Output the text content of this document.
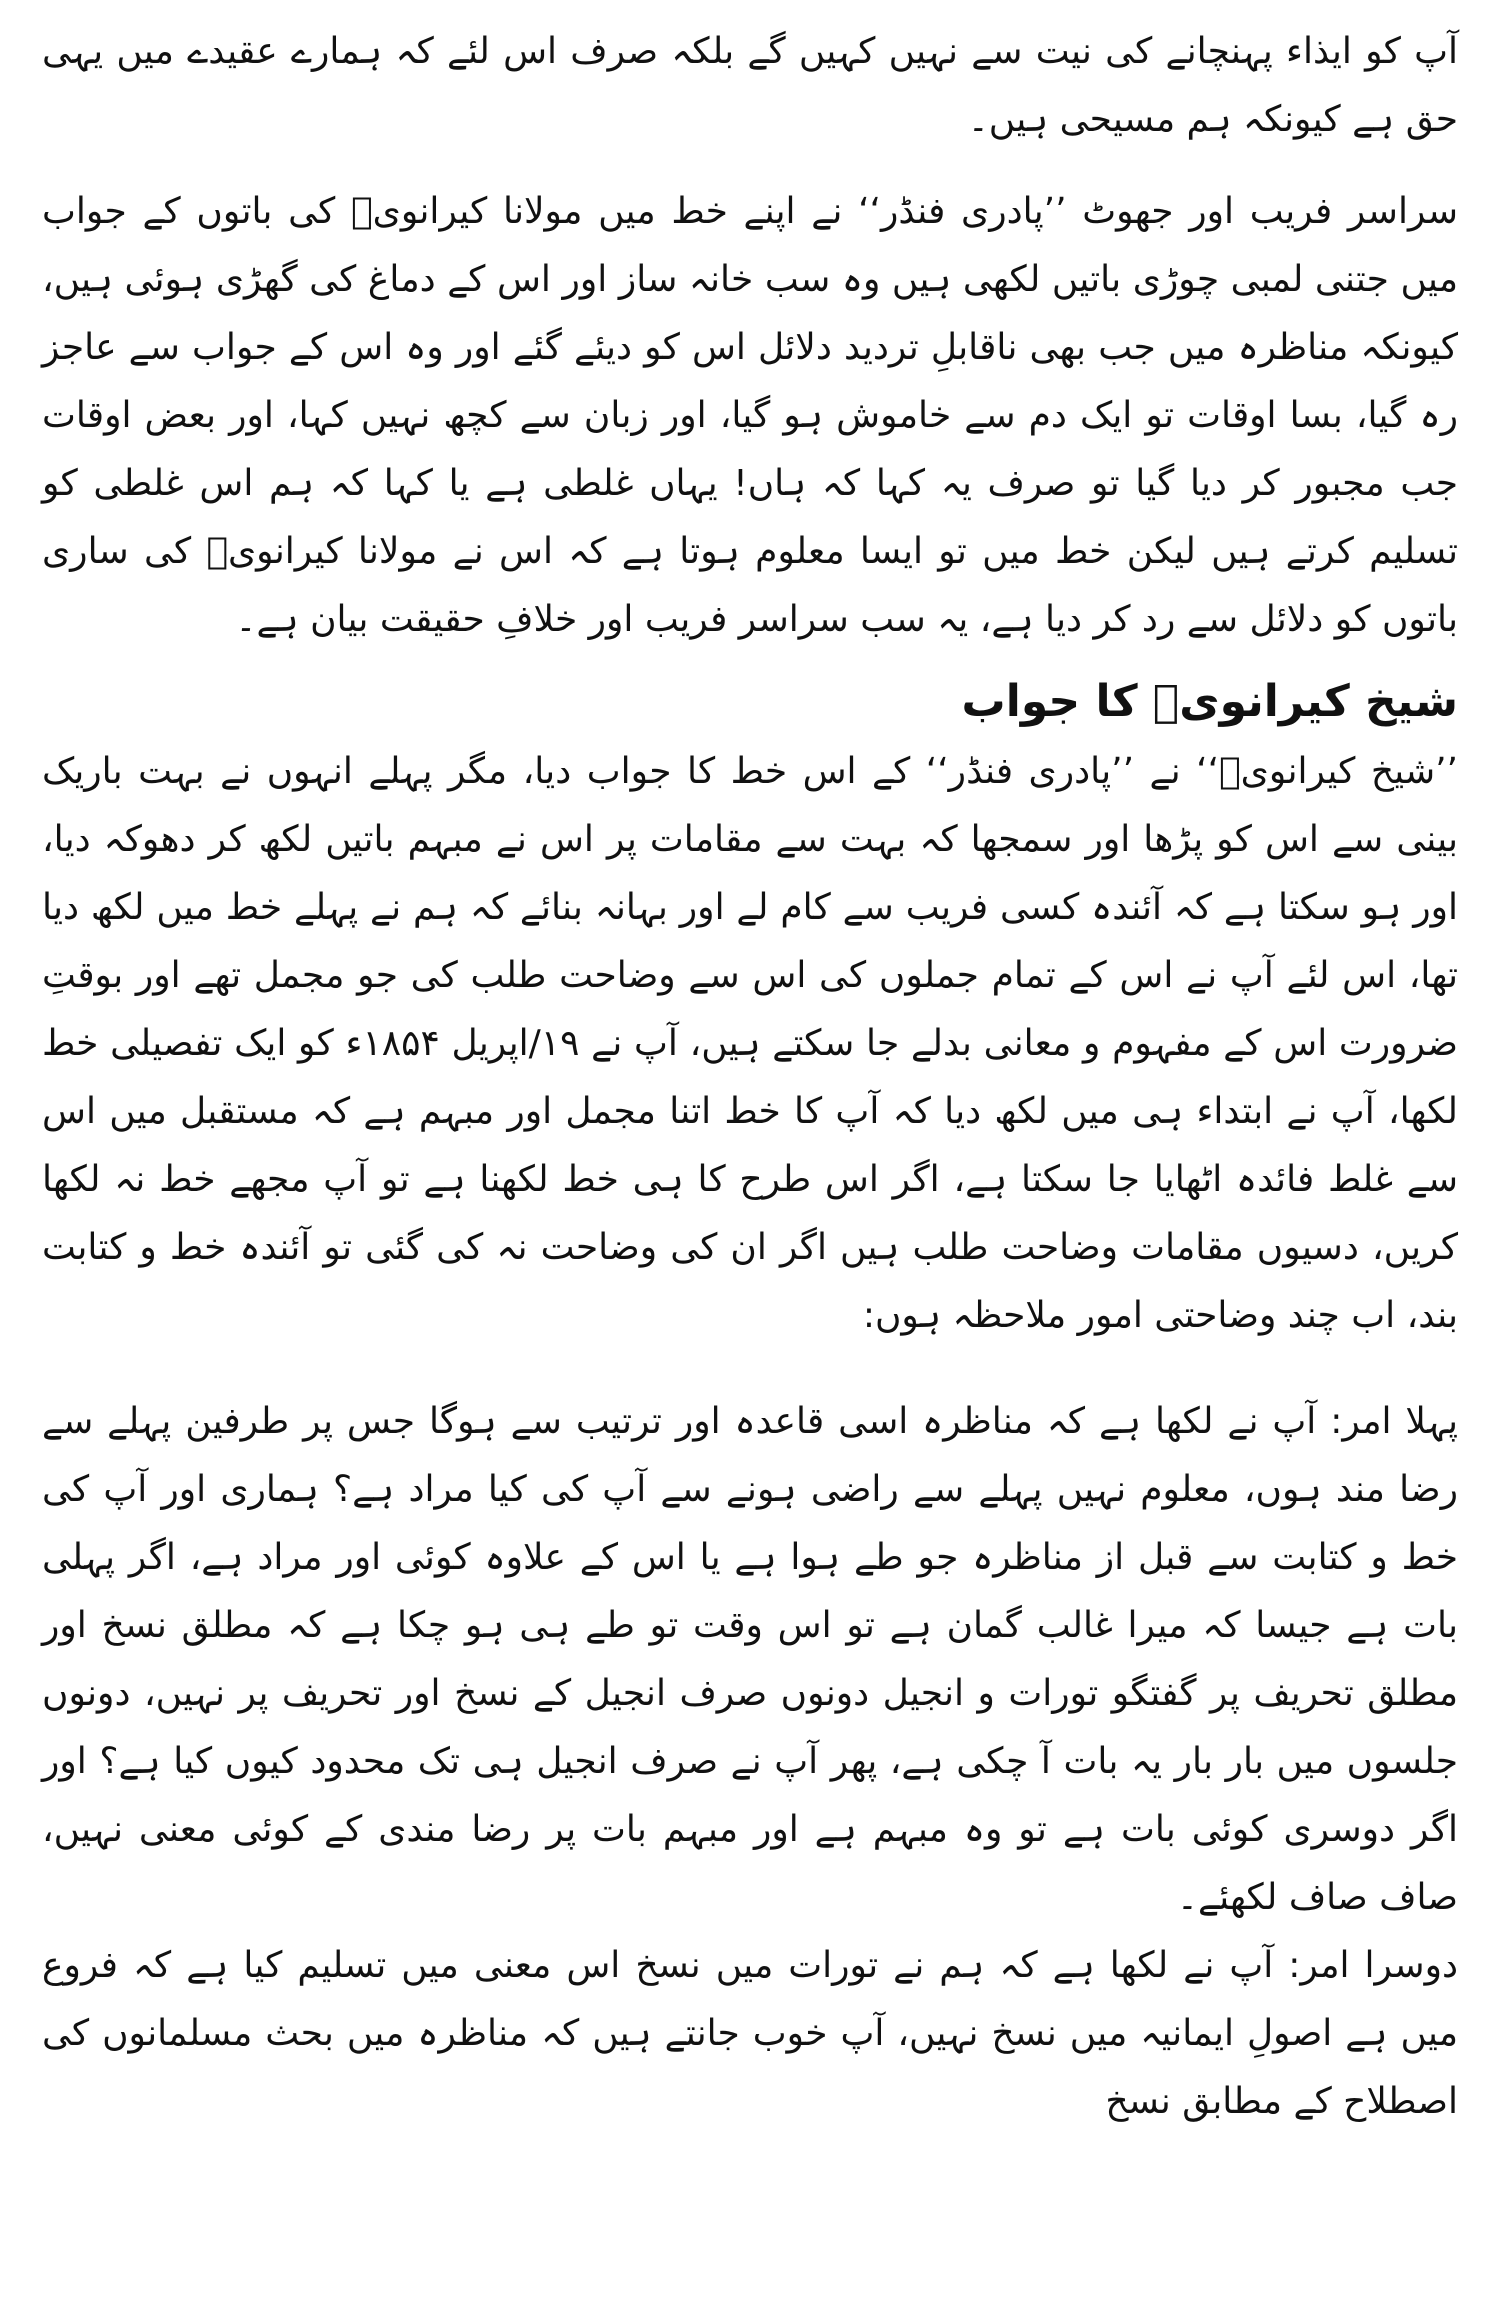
آپ کو ایذاء پہنچانے کی نیت سے نہیں کہیں گے بلکہ صرف اس لئے کہ ہمارے عقیدے میں یہی حق ہے کیونکہ ہم مسیحی ہیں۔

سراسر فریب اور جھوٹ ’’پادری فنڈر‘‘ نے اپنے خط میں مولانا کیرانویؒ کی باتوں کے جواب میں جتنی لمبی چوڑی باتیں لکھی ہیں وہ سب خانہ ساز اور اس کے دماغ کی گھڑی ہوئی ہیں، کیونکہ مناظرہ میں جب بھی ناقابلِ تردید دلائل اس کو دیئے گئے اور وہ اس کے جواب سے عاجز رہ گیا، بسا اوقات تو ایک دم سے خاموش ہو گیا، اور زبان سے کچھ نہیں کہا، اور بعض اوقات جب مجبور کر دیا گیا تو صرف یہ کہا کہ ہاں! یہاں غلطی ہے یا کہا کہ ہم اس غلطی کو تسلیم کرتے ہیں لیکن خط میں تو ایسا معلوم ہوتا ہے کہ اس نے مولانا کیرانویؒ کی ساری باتوں کو دلائل سے رد کر دیا ہے، یہ سب سراسر فریب اور خلافِ حقیقت بیان ہے۔

شیخ کیرانویؒ کا جواب

’’شیخ کیرانویؒ‘‘ نے ’’پادری فنڈر‘‘ کے اس خط کا جواب دیا، مگر پہلے انہوں نے بہت باریک بینی سے اس کو پڑھا اور سمجھا کہ بہت سے مقامات پر اس نے مبہم باتیں لکھ کر دھوکہ دیا، اور ہو سکتا ہے کہ آئندہ کسی فریب سے کام لے اور بہانہ بنائے کہ ہم نے پہلے خط میں لکھ دیا تھا، اس لئے آپ نے اس کے تمام جملوں کی اس سے وضاحت طلب کی جو مجمل تھے اور بوقتِ ضرورت اس کے مفہوم و معانی بدلے جا سکتے ہیں، آپ نے ۱۹/اپریل ۱۸۵۴ء کو ایک تفصیلی خط لکھا، آپ نے ابتداء ہی میں لکھ دیا کہ آپ کا خط اتنا مجمل اور مبہم ہے کہ مستقبل میں اس سے غلط فائدہ اٹھایا جا سکتا ہے، اگر اس طرح کا ہی خط لکھنا ہے تو آپ مجھے خط نہ لکھا کریں، دسیوں مقامات وضاحت طلب ہیں اگر ان کی وضاحت نہ کی گئی تو آئندہ خط و کتابت بند، اب چند وضاحتی امور ملاحظہ ہوں:

پہلا امر: آپ نے لکھا ہے کہ مناظرہ اسی قاعدہ اور ترتیب سے ہوگا جس پر طرفین پہلے سے رضا مند ہوں، معلوم نہیں پہلے سے راضی ہونے سے آپ کی کیا مراد ہے؟ ہماری اور آپ کی خط و کتابت سے قبل از مناظرہ جو طے ہوا ہے یا اس کے علاوہ کوئی اور مراد ہے، اگر پہلی بات ہے جیسا کہ میرا غالب گمان ہے تو اس وقت تو طے ہی ہو چکا ہے کہ مطلق نسخ اور مطلق تحریف پر گفتگو تورات و انجیل دونوں صرف انجیل کے نسخ اور تحریف پر نہیں، دونوں جلسوں میں بار بار یہ بات آ چکی ہے، پھر آپ نے صرف انجیل ہی تک محدود کیوں کیا ہے؟ اور اگر دوسری کوئی بات ہے تو وہ مبہم ہے اور مبہم بات پر رضا مندی کے کوئی معنی نہیں، صاف صاف لکھئے۔

دوسرا امر: آپ نے لکھا ہے کہ ہم نے تورات میں نسخ اس معنی میں تسلیم کیا ہے کہ فروع میں ہے اصولِ ایمانیہ میں نسخ نہیں، آپ خوب جانتے ہیں کہ مناظرہ میں بحث مسلمانوں کی اصطلاح کے مطابق نسخ
